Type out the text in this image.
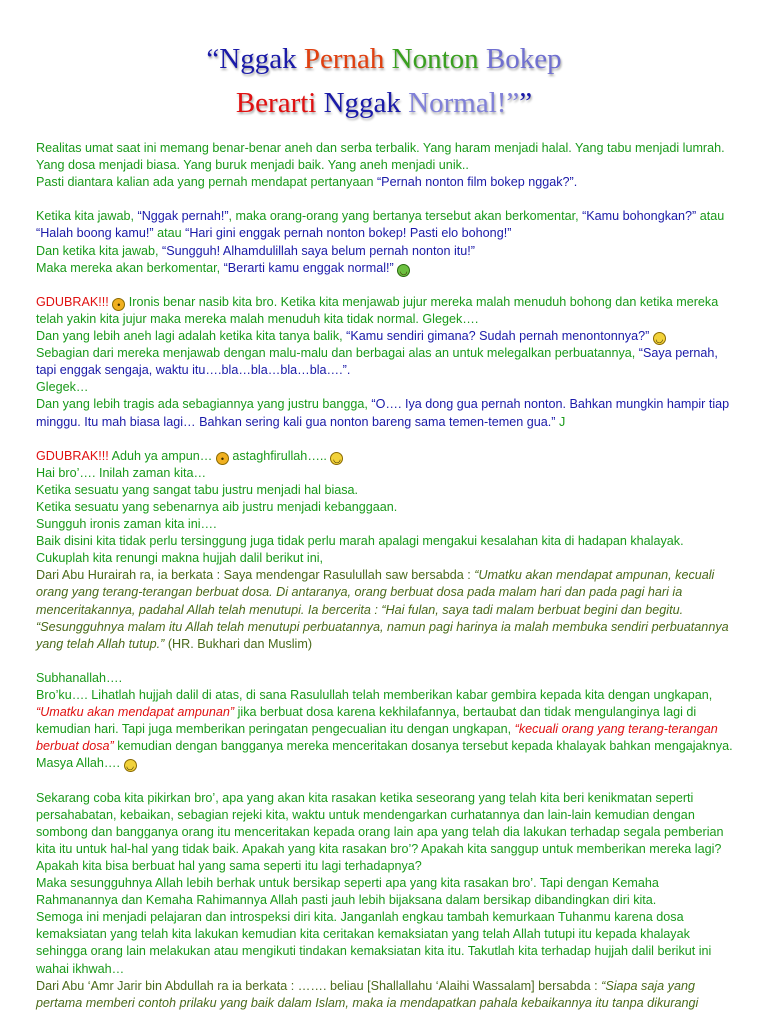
“Nggak Pernah Nonton Bokep
Berarti Nggak Normal!””

Realitas umat saat ini memang benar-benar aneh dan serba terbalik. Yang haram menjadi halal. Yang tabu menjadi lumrah. Yang dosa menjadi biasa. Yang buruk menjadi baik. Yang aneh menjadi unik..

Pasti diantara kalian ada yang pernah mendapat pertanyaan “Pernah nonton film bokep nggak?”.

Ketika kita jawab, “Nggak pernah!”, maka orang-orang yang bertanya tersebut akan berkomentar, “Kamu bohongkan?” atau “Halah boong kamu!” atau “Hari gini enggak pernah nonton bokep! Pasti elo bohong!”

Dan ketika kita jawab, “Sungguh! Alhamdulillah saya belum pernah nonton itu!”

Maka mereka akan berkomentar, “Berarti kamu enggak normal!” ◡

GDUBRAK!!! • Ironis benar nasib kita bro. Ketika kita menjawab jujur mereka malah menuduh bohong dan ketika mereka telah yakin kita jujur maka mereka malah menuduh kita tidak normal. Glegek….

Dan yang lebih aneh lagi adalah ketika kita tanya balik, “Kamu sendiri gimana? Sudah pernah menontonnya?” ◡

Sebagian dari mereka menjawab dengan malu-malu dan berbagai alas an untuk melegalkan perbuatannya, “Saya pernah, tapi enggak sengaja, waktu itu….bla…bla…bla…bla….”.

Glegek…

Dan yang lebih tragis ada sebagiannya yang justru bangga, “O…. Iya dong gua pernah nonton. Bahkan mungkin hampir tiap minggu. Itu mah biasa lagi… Bahkan sering kali gua nonton bareng sama temen-temen gua.” J

GDUBRAK!!! Aduh ya ampun… • astaghfirullah….. ◡

Hai bro’…. Inilah zaman kita…

Ketika sesuatu yang sangat tabu justru menjadi hal biasa.

Ketika sesuatu yang sebenarnya aib justru menjadi kebanggaan.

Sungguh ironis zaman kita ini….

Baik disini kita tidak perlu tersinggung juga tidak perlu marah apalagi mengakui kesalahan kita di hadapan khalayak. Cukuplah kita renungi makna hujjah dalil berikut ini,

Dari Abu Hurairah ra, ia berkata : Saya mendengar Rasulullah saw bersabda : “Umatku akan mendapat ampunan, kecuali orang yang terang-terangan berbuat dosa. Di antaranya, orang berbuat dosa pada malam hari dan pada pagi hari ia menceritakannya, padahal Allah telah menutupi. Ia bercerita : “Hai fulan, saya tadi malam berbuat begini dan begitu. “Sesungguhnya malam itu Allah telah menutupi perbuatannya, namun pagi harinya ia malah membuka sendiri perbuatannya yang telah Allah tutup.” (HR. Bukhari dan Muslim)

Subhanallah….

Bro’ku…. Lihatlah hujjah dalil di atas, di sana Rasulullah telah memberikan kabar gembira kepada kita dengan ungkapan, “Umatku akan mendapat ampunan” jika berbuat dosa karena kekhilafannya, bertaubat dan tidak mengulanginya lagi di kemudian hari. Tapi juga memberikan peringatan pengecualian itu dengan ungkapan, “kecuali orang yang terang-terangan berbuat dosa” kemudian dengan bangganya mereka menceritakan dosanya tersebut kepada khalayak bahkan mengajaknya. Masya Allah…. ◡

Sekarang coba kita pikirkan bro’, apa yang akan kita rasakan ketika seseorang yang telah kita beri kenikmatan seperti persahabatan, kebaikan, sebagian rejeki kita, waktu untuk mendengarkan curhatannya dan lain-lain kemudian dengan sombong dan bangganya orang itu menceritakan kepada orang lain apa yang telah dia lakukan terhadap segala pemberian kita itu untuk hal-hal yang tidak baik. Apakah yang kita rasakan bro’? Apakah kita sanggup untuk memberikan mereka lagi? Apakah kita bisa berbuat hal yang sama seperti itu lagi terhadapnya?

Maka sesungguhnya Allah lebih berhak untuk bersikap seperti apa yang kita rasakan bro’. Tapi dengan Kemaha Rahmanannya dan Kemaha Rahimannya Allah pasti jauh lebih bijaksana dalam bersikap dibandingkan diri kita.

Semoga ini menjadi pelajaran dan introspeksi diri kita. Janganlah engkau tambah kemurkaan Tuhanmu karena dosa kemaksiatan yang telah kita lakukan kemudian kita ceritakan kemaksiatan yang telah Allah tutupi itu kepada khalayak sehingga orang lain melakukan atau mengikuti tindakan kemaksiatan kita itu. Takutlah kita terhadap hujjah dalil berikut ini wahai ikhwah…

Dari Abu ‘Amr Jarir bin Abdullah ra ia berkata : ……. beliau [Shallallahu ‘Alaihi Wassalam] bersabda : “Siapa saja yang pertama memberi contoh prilaku yang baik dalam Islam, maka ia mendapatkan pahala kebaikannya itu tanpa dikurangi
